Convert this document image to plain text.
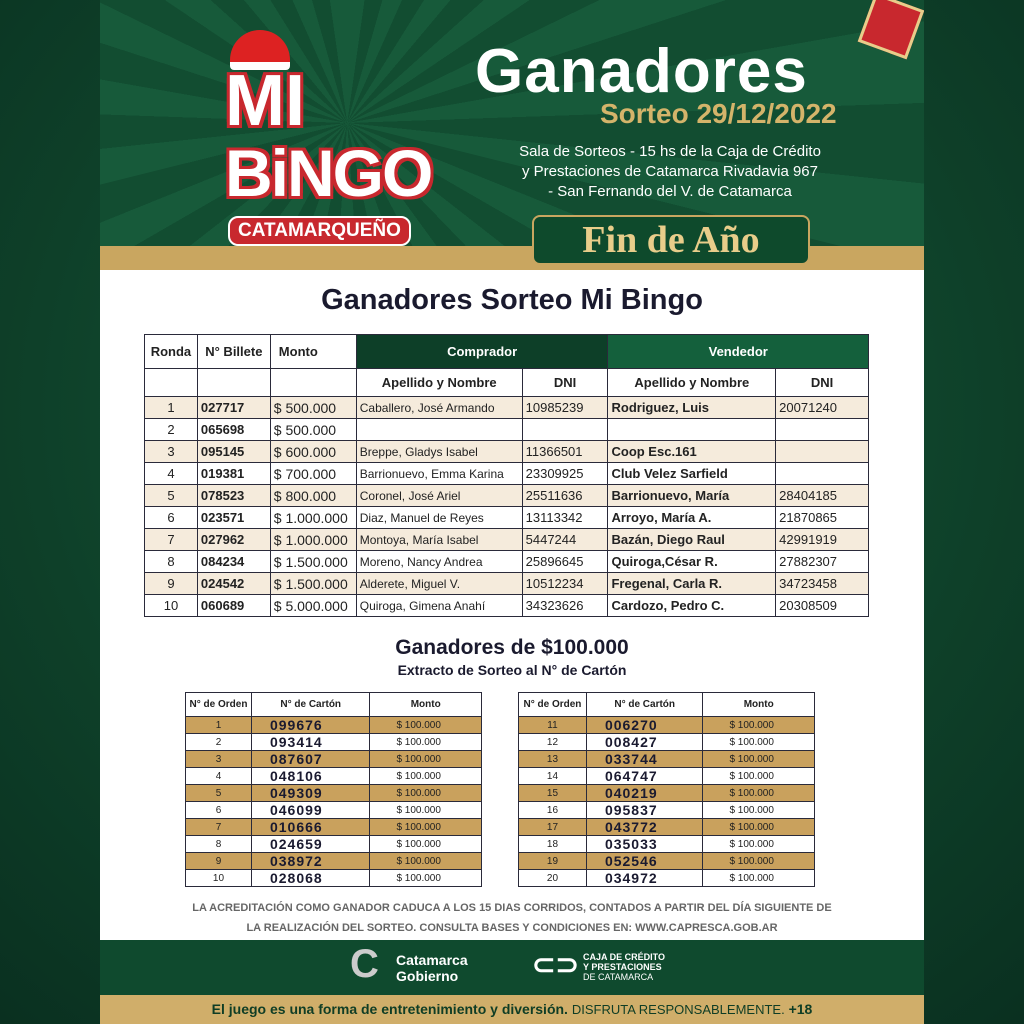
MI
BiNGO
CATAMARQUEÑO
Ganadores
Sorteo 29/12/2022
Sala de Sorteos - 15 hs de la Caja de Crédito
y Prestaciones de Catamarca Rivadavia 967
- San Fernando del V. de Catamarca
Fin de Año
Ganadores Sorteo Mi Bingo
Ronda	N° Billete	Monto	Comprador		Vendedor	
			Apellido y Nombre	DNI	Apellido y Nombre	DNI
1	027717	$ 500.000	Caballero, José Armando	10985239	Rodriguez, Luis	20071240
2	065698	$ 500.000				
3	095145	$ 600.000	Breppe, Gladys Isabel	11366501	Coop Esc.161	
4	019381	$ 700.000	Barrionuevo, Emma Karina	23309925	Club Velez Sarfield	
5	078523	$ 800.000	Coronel, José Ariel	25511636	Barrionuevo, María	28404185
6	023571	$ 1.000.000	Diaz, Manuel de Reyes	13113342	Arroyo, María A.	21870865
7	027962	$ 1.000.000	Montoya, María Isabel	5447244	Bazán, Diego Raul	42991919
8	084234	$ 1.500.000	Moreno, Nancy Andrea	25896645	Quiroga,César R.	27882307
9	024542	$ 1.500.000	Alderete, Miguel V.	10512234	Fregenal, Carla R.	34723458
10	060689	$ 5.000.000	Quiroga, Gimena Anahí	34323626	Cardozo, Pedro C.	20308509
Ganadores de $100.000
Extracto de Sorteo al N° de Cartón
N° de Orden	N° de Cartón	Monto
1	099676	$ 100.000
2	093414	$ 100.000
3	087607	$ 100.000
4	048106	$ 100.000
5	049309	$ 100.000
6	046099	$ 100.000
7	010666	$ 100.000
8	024659	$ 100.000
9	038972	$ 100.000
10	028068	$ 100.000
N° de Orden	N° de Cartón	Monto
11	006270	$ 100.000
12	008427	$ 100.000
13	033744	$ 100.000
14	064747	$ 100.000
15	040219	$ 100.000
16	095837	$ 100.000
17	043772	$ 100.000
18	035033	$ 100.000
19	052546	$ 100.000
20	034972	$ 100.000
LA ACREDITACIÓN COMO GANADOR CADUCA A LOS 15 DIAS CORRIDOS, CONTADOS A PARTIR DEL DÍA SIGUIENTE DE
LA REALIZACIÓN DEL SORTEO. CONSULTA BASES Y CONDICIONES EN: WWW.CAPRESCA.GOB.AR
C Catamarca
Gobierno	⊂⊃ CAJA DE CRÉDITO
Y PRESTACIONES
DE CATAMARCA
El juego es una forma de entretenimiento y diversión. DISFRUTA RESPONSABLEMENTE. +18
